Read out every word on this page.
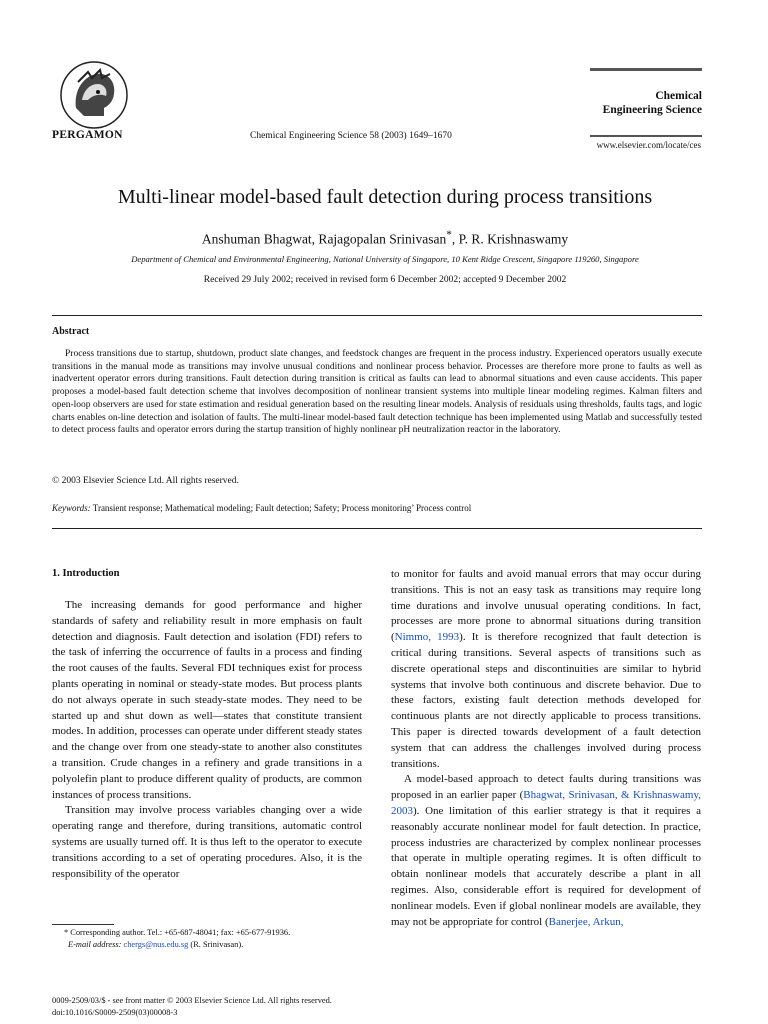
PERGAMON	Chemical Engineering Science 58 (2003) 1649–1670
Chemical
Engineering Science
www.elsevier.com/locate/ces
Multi-linear model-based fault detection during process transitions
Anshuman Bhagwat, Rajagopalan Srinivasan*, P. R. Krishnaswamy
Department of Chemical and Environmental Engineering, National University of Singapore, 10 Kent Ridge Crescent, Singapore 119260, Singapore
Received 29 July 2002; received in revised form 6 December 2002; accepted 9 December 2002
Abstract
Process transitions due to startup, shutdown, product slate changes, and feedstock changes are frequent in the process industry. Experienced operators usually execute transitions in the manual mode as transitions may involve unusual conditions and nonlinear process behavior. Processes are therefore more prone to faults as well as inadvertent operator errors during transitions. Fault detection during transition is critical as faults can lead to abnormal situations and even cause accidents. This paper proposes a model-based fault detection scheme that involves decomposition of nonlinear transient systems into multiple linear modeling regimes. Kalman filters and open-loop observers are used for state estimation and residual generation based on the resulting linear models. Analysis of residuals using thresholds, faults tags, and logic charts enables on-line detection and isolation of faults. The multi-linear model-based fault detection technique has been implemented using Matlab and successfully tested to detect process faults and operator errors during the startup transition of highly nonlinear pH neutralization reactor in the laboratory.
© 2003 Elsevier Science Ltd. All rights reserved.
Keywords: Transient response; Mathematical modeling; Fault detection; Safety; Process monitoring’ Process control
1. Introduction

The increasing demands for good performance and higher standards of safety and reliability result in more emphasis on fault detection and diagnosis. Fault detection and isolation (FDI) refers to the task of inferring the occurrence of faults in a process and finding the root causes of the faults. Several FDI techniques exist for process plants operating in nominal or steady-state modes. But process plants do not always operate in such steady-state modes. They need to be started up and shut down as well—states that constitute transient modes. In addition, processes can operate under different steady states and the change over from one steady-state to another also constitutes a transition. Crude changes in a refinery and grade transitions in a polyolefin plant to produce different quality of products, are common instances of process transitions.

Transition may involve process variables changing over a wide operating range and therefore, during transitions, automatic control systems are usually turned off. It is thus left to the operator to execute transitions according to a set of operating procedures. Also, it is the responsibility of the operator

to monitor for faults and avoid manual errors that may occur during transitions. This is not an easy task as transitions may require long time durations and involve unusual operating conditions. In fact, processes are more prone to abnormal situations during transition (Nimmo, 1993). It is therefore recognized that fault detection is critical during transitions. Several aspects of transitions such as discrete operational steps and discontinuities are similar to hybrid systems that involve both continuous and discrete behavior. Due to these factors, existing fault detection methods developed for continuous plants are not directly applicable to process transitions. This paper is directed towards development of a fault detection system that can address the challenges involved during process transitions.

A model-based approach to detect faults during transitions was proposed in an earlier paper (Bhagwat, Srinivasan, & Krishnaswamy, 2003). One limitation of this earlier strategy is that it requires a reasonably accurate nonlinear model for fault detection. In practice, process industries are characterized by complex nonlinear processes that operate in multiple operating regimes. It is often difficult to obtain nonlinear models that accurately describe a plant in all regimes. Also, considerable effort is required for development of nonlinear models. Even if global nonlinear models are available, they may not be appropriate for control (Banerjee, Arkun,

* Corresponding author. Tel.: +65-687-48041; fax: +65-677-91936.
E-mail address: chergs@nus.edu.sg (R. Srinivasan).
0009-2509/03/$ - see front matter © 2003 Elsevier Science Ltd. All rights reserved.
doi:10.1016/S0009-2509(03)00008-3
